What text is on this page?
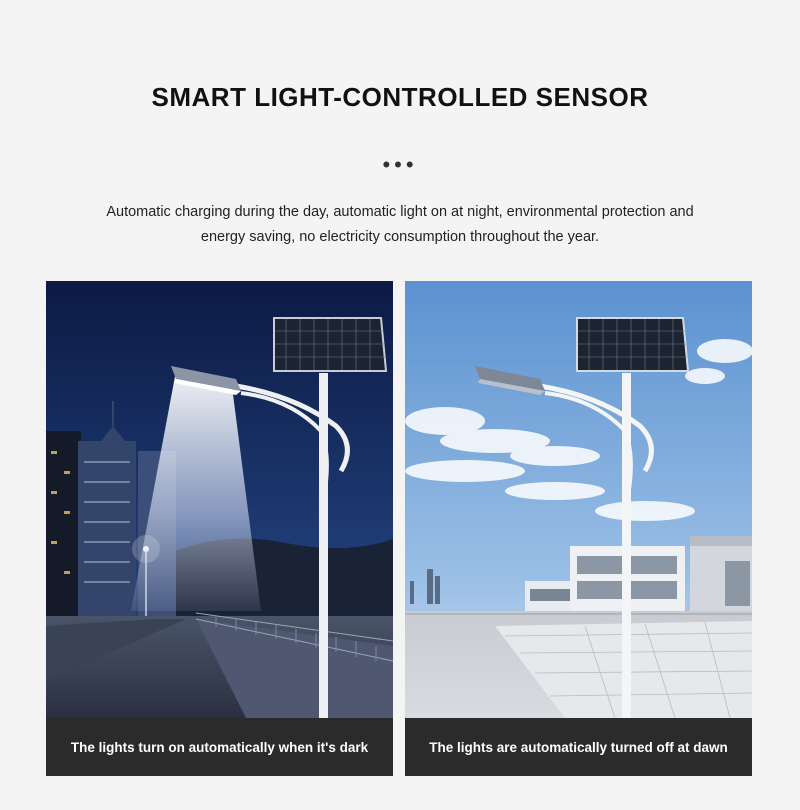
SMART LIGHT-CONTROLLED SENSOR
•••

Automatic charging during the day, automatic light on at night, environmental protection and energy saving, no electricity consumption throughout the year.

The lights turn on automatically when it's dark	The lights are automatically turned off at dawn
